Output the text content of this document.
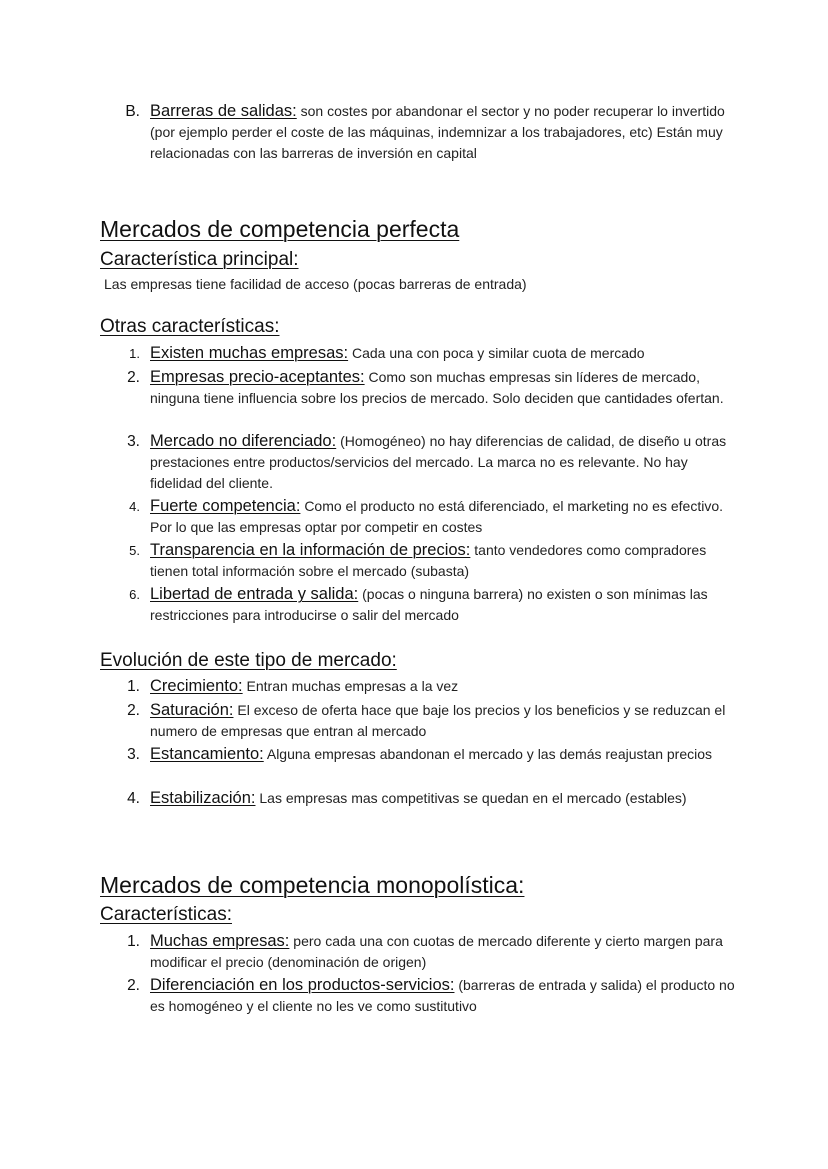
B. Barreras de salidas: son costes por abandonar el sector y no poder recuperar lo invertido (por ejemplo perder el coste de las máquinas, indemnizar a los trabajadores, etc) Están muy relacionadas con las barreras de inversión en capital
Mercados de competencia perfecta
Característica principal:

Las empresas tiene facilidad de acceso (pocas barreras de entrada)

Otras características:
1. Existen muchas empresas: Cada una con poca y similar cuota de mercado
2. Empresas precio-aceptantes: Como son muchas empresas sin líderes de mercado, ninguna tiene influencia sobre los precios de mercado. Solo deciden que cantidades ofertan.
3. Mercado no diferenciado: (Homogéneo) no hay diferencias de calidad, de diseño u otras prestaciones entre productos/servicios del mercado. La marca no es relevante. No hay fidelidad del cliente.
4. Fuerte competencia: Como el producto no está diferenciado, el marketing no es efectivo. Por lo que las empresas optar por competir en costes
5. Transparencia en la información de precios: tanto vendedores como compradores tienen total información sobre el mercado (subasta)
6. Libertad de entrada y salida: (pocas o ninguna barrera) no existen o son mínimas las restricciones para introducirse o salir del mercado
Evolución de este tipo de mercado:
1. Crecimiento: Entran muchas empresas a la vez
2. Saturación: El exceso de oferta hace que baje los precios y los beneficios y se reduzcan el numero de empresas que entran al mercado
3. Estancamiento: Alguna empresas abandonan el mercado y las demás reajustan precios
4. Estabilización: Las empresas mas competitivas se quedan en el mercado (estables)
Mercados de competencia monopolística:
Características:
1. Muchas empresas: pero cada una con cuotas de mercado diferente y cierto margen para modificar el precio (denominación de origen)
2. Diferenciación en los productos-servicios: (barreras de entrada y salida) el producto no es homogéneo y el cliente no les ve como sustitutivo
